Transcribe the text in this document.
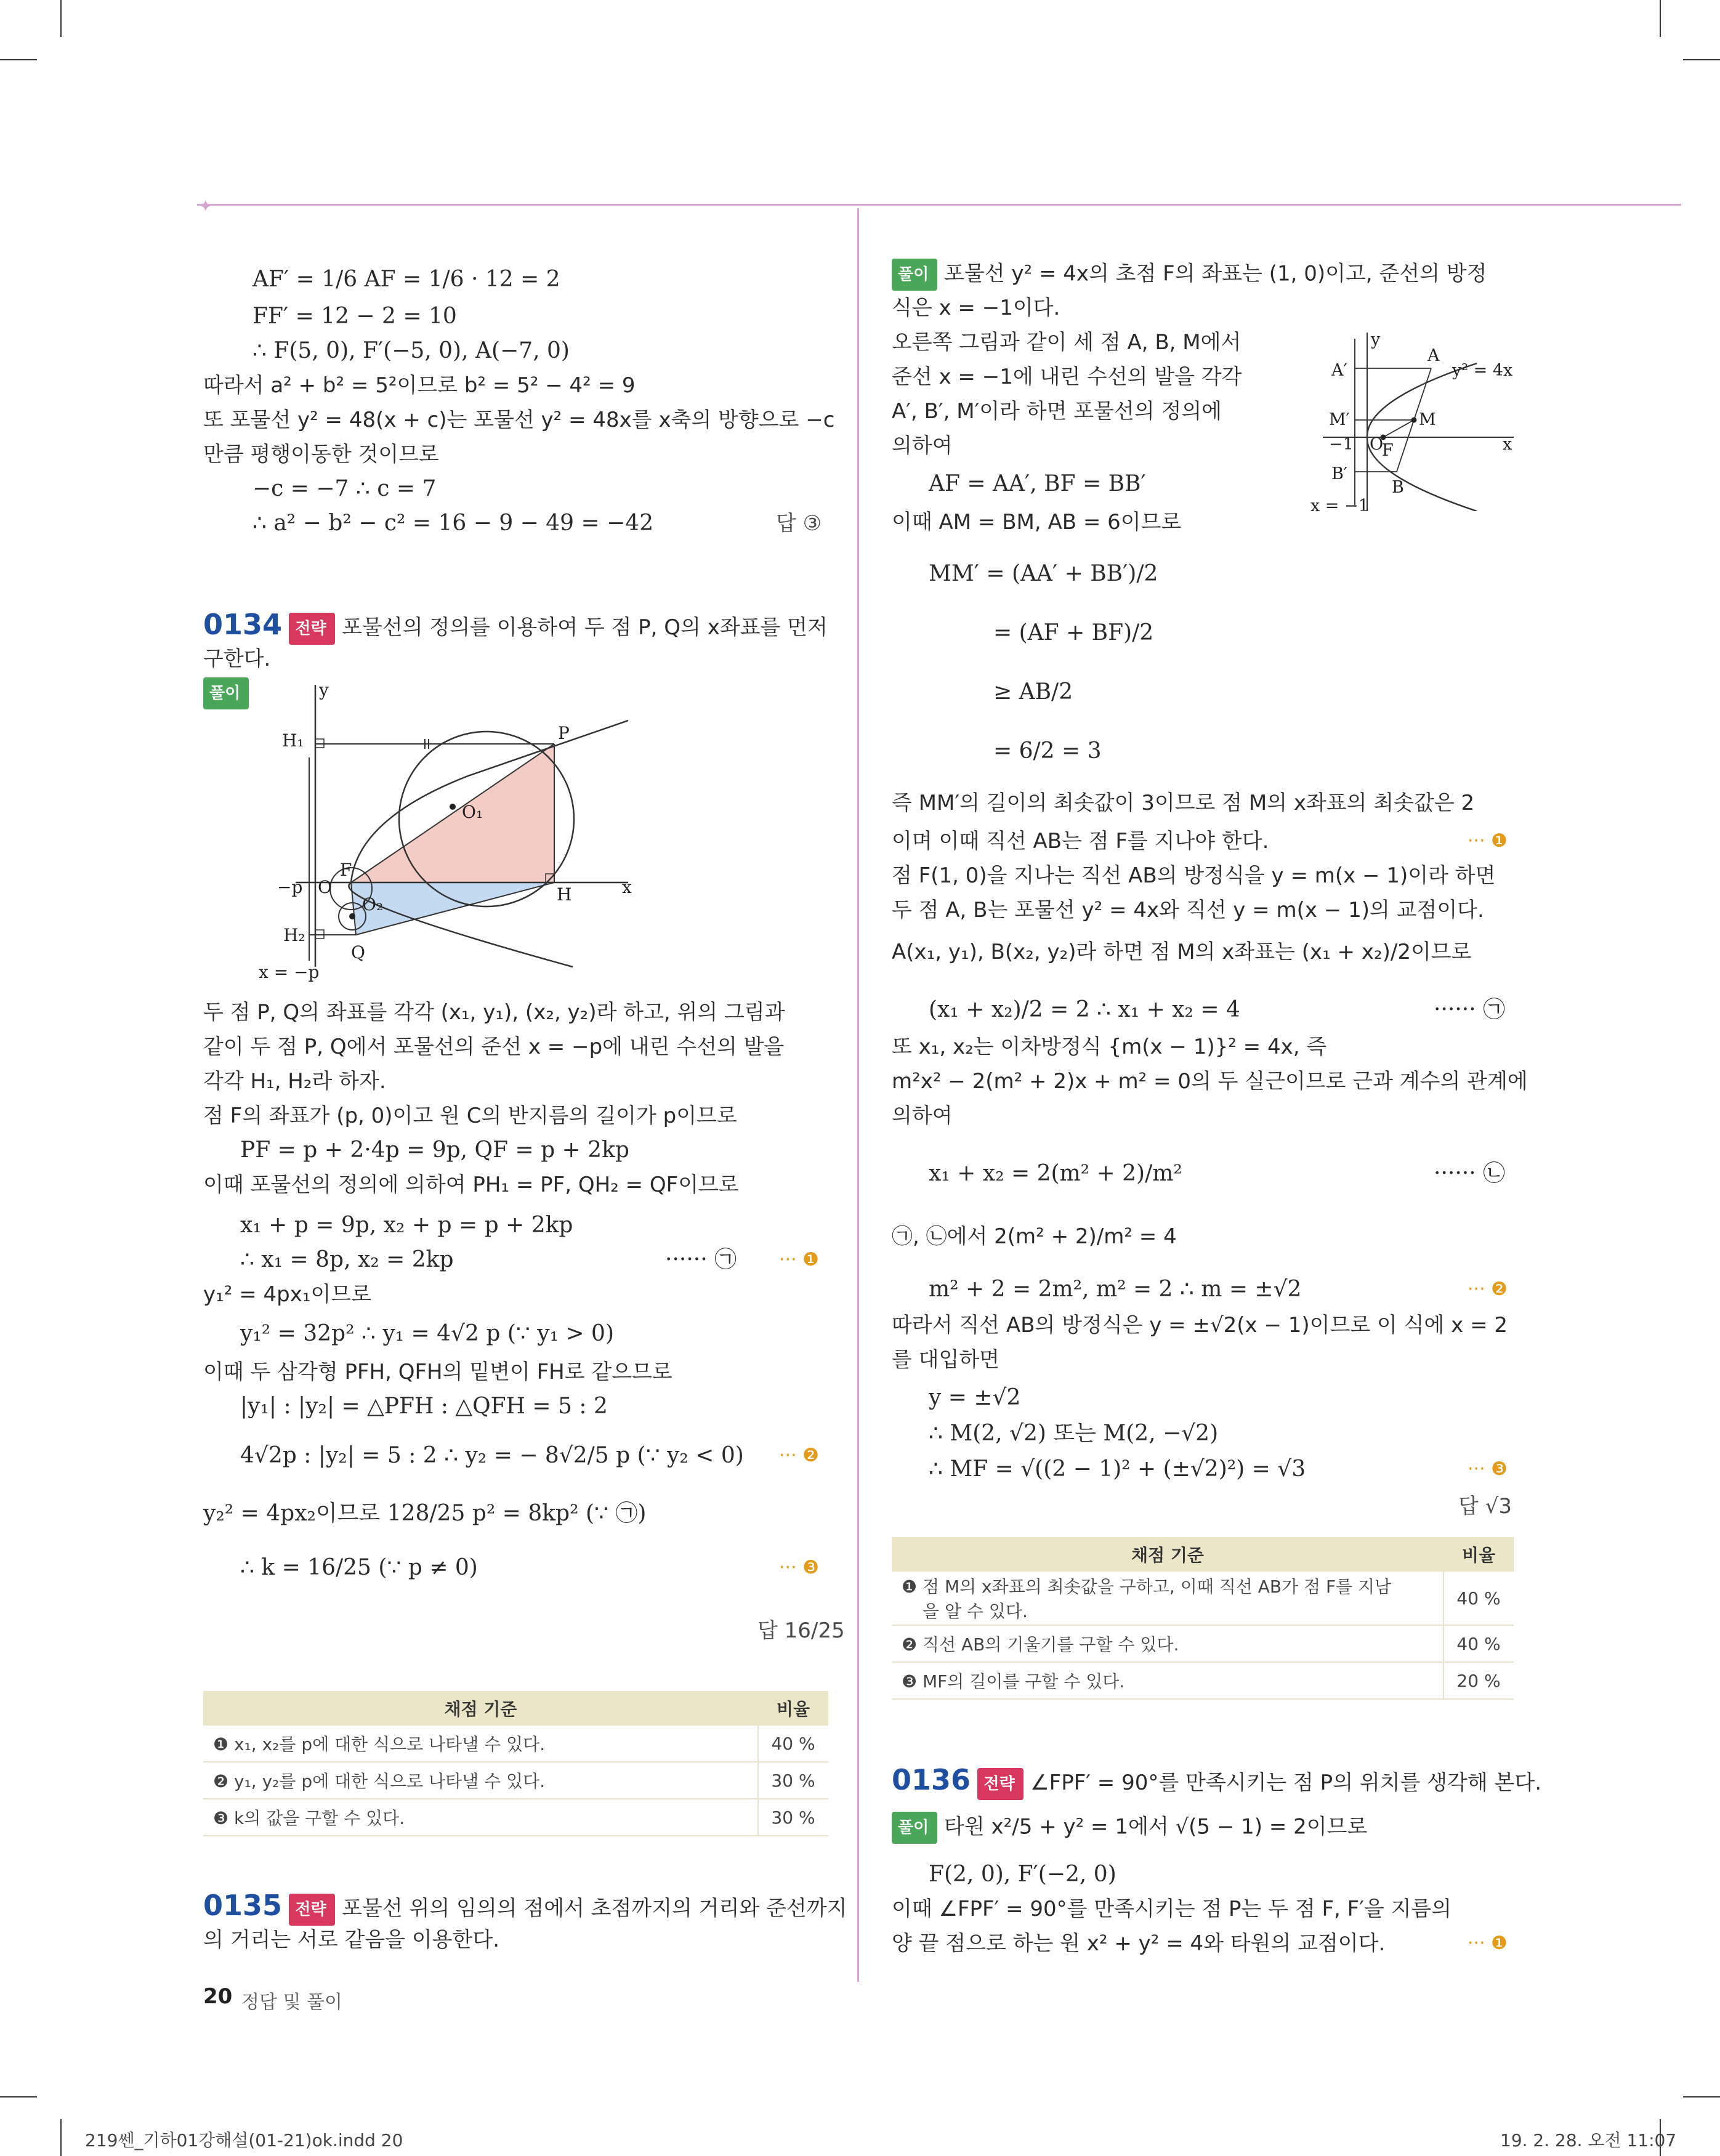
✦
AF′ = 1/6 AF = 1/6 · 12 = 2
FF′ = 12 − 2 = 10
∴ F(5, 0), F′(−5, 0), A(−7, 0)
따라서 a² + b² = 5²이므로 b² = 5² − 4² = 9
또 포물선 y² = 48(x + c)는 포물선 y² = 48x를 x축의 방향으로 −c
만큼 평행이동한 것이므로
−c = −7 ∴ c = 7
∴ a² − b² − c² = 16 − 9 − 49 = −42	답 ③
0134 전략 포물선의 정의를 이용하여 두 점 P, Q의 x좌표를 먼저
구한다.
풀이
H₁	P
O₁
F
−p O
O₂	H	x
y
H₂
Q
x = −p
두 점 P, Q의 좌표를 각각 (x₁, y₁), (x₂, y₂)라 하고, 위의 그림과
같이 두 점 P, Q에서 포물선의 준선 x = −p에 내린 수선의 발을
각각 H₁, H₂라 하자.
점 F의 좌표가 (p, 0)이고 원 C의 반지름의 길이가 p이므로
PF = p + 2·4p = 9p, QF = p + 2kp
이때 포물선의 정의에 의하여 PH₁ = PF, QH₂ = QF이므로
x₁ + p = 9p, x₂ + p = p + 2kp
∴ x₁ = 8p, x₂ = 2kp	······ ㉠ ··· ❶
y₁² = 4px₁이므로
y₁² = 32p² ∴ y₁ = 4√2 p (∵ y₁ > 0)
이때 두 삼각형 PFH, QFH의 밑변이 FH로 같으므로
|y₁| : |y₂| = △PFH : △QFH = 5 : 2
4√2p : |y₂| = 5 : 2 ∴ y₂ = − 8√2/5 p (∵ y₂ < 0) ··· ❷
y₂² = 4px₂이므로 128/25 p² = 8kp² (∵ ㉠)
∴ k = 16/25 (∵ p ≠ 0)	··· ❸
답 16/25
채점 기준	비율
❶ x₁, x₂를 p에 대한 식으로 나타낼 수 있다.	40 %
❷ y₁, y₂를 p에 대한 식으로 나타낼 수 있다.	30 %
❸ k의 값을 구할 수 있다.	30 %
0135 전략 포물선 위의 임의의 점에서 초점까지의 거리와 준선까지
의 거리는 서로 같음을 이용한다.
풀이 포물선 y² = 4x의 초점 F의 좌표는 (1, 0)이고, 준선의 방정
식은 x = −1이다.
오른쪽 그림과 같이 세 점 A, B, M에서
준선 x = −1에 내린 수선의 발을 각각
A′, B′, M′이라 하면 포물선의 정의에
의하여
AF = AA′, BF = BB′
이때 AM = BM, AB = 6이므로
MM′ = (AA′ + BB′)/2
= (AF + BF)/2
≥ AB/2
= 6/2 = 3
A′
A
y
y² = 4x
M′	M
−1 O
F	x
B′
B
x = −1
즉 MM′의 길이의 최솟값이 3이므로 점 M의 x좌표의 최솟값은 2
이며 이때 직선 AB는 점 F를 지나야 한다.	··· ❶
점 F(1, 0)을 지나는 직선 AB의 방정식을 y = m(x − 1)이라 하면
두 점 A, B는 포물선 y² = 4x와 직선 y = m(x − 1)의 교점이다.
A(x₁, y₁), B(x₂, y₂)라 하면 점 M의 x좌표는 (x₁ + x₂)/2이므로
(x₁ + x₂)/2 = 2 ∴ x₁ + x₂ = 4	······ ㉠
또 x₁, x₂는 이차방정식 {m(x − 1)}² = 4x, 즉
m²x² − 2(m² + 2)x + m² = 0의 두 실근이므로 근과 계수의 관계에
의하여
x₁ + x₂ = 2(m² + 2)/m²	······ ㉡
㉠, ㉡에서 2(m² + 2)/m² = 4
m² + 2 = 2m², m² = 2 ∴ m = ±√2	··· ❷
따라서 직선 AB의 방정식은 y = ±√2(x − 1)이므로 이 식에 x = 2
를 대입하면
y = ±√2
∴ M(2, √2) 또는 M(2, −√2)
∴ MF = √((2 − 1)² + (±√2)²) = √3	··· ❸
답 √3
채점 기준	비율

❶ 점 M의 x좌표의 최솟값을 구하고, 이때 직선 AB가 점 F를 지남
을 알 수 있다.	40 %
❷ 직선 AB의 기울기를 구할 수 있다.	40 %
❸ MF의 길이를 구할 수 있다.	20 %
0136 전략 ∠FPF′ = 90°를 만족시키는 점 P의 위치를 생각해 본다.
풀이 타원 x²/5 + y² = 1에서 √(5 − 1) = 2이므로
F(2, 0), F′(−2, 0)
이때 ∠FPF′ = 90°를 만족시키는 점 P는 두 점 F, F′을 지름의
양 끝 점으로 하는 원 x² + y² = 4와 타원의 교점이다.	··· ❶
20 정답 및 풀이
219쎈_기하01강해설(01-21)ok.indd 20	19. 2. 28. 오전 11:07
